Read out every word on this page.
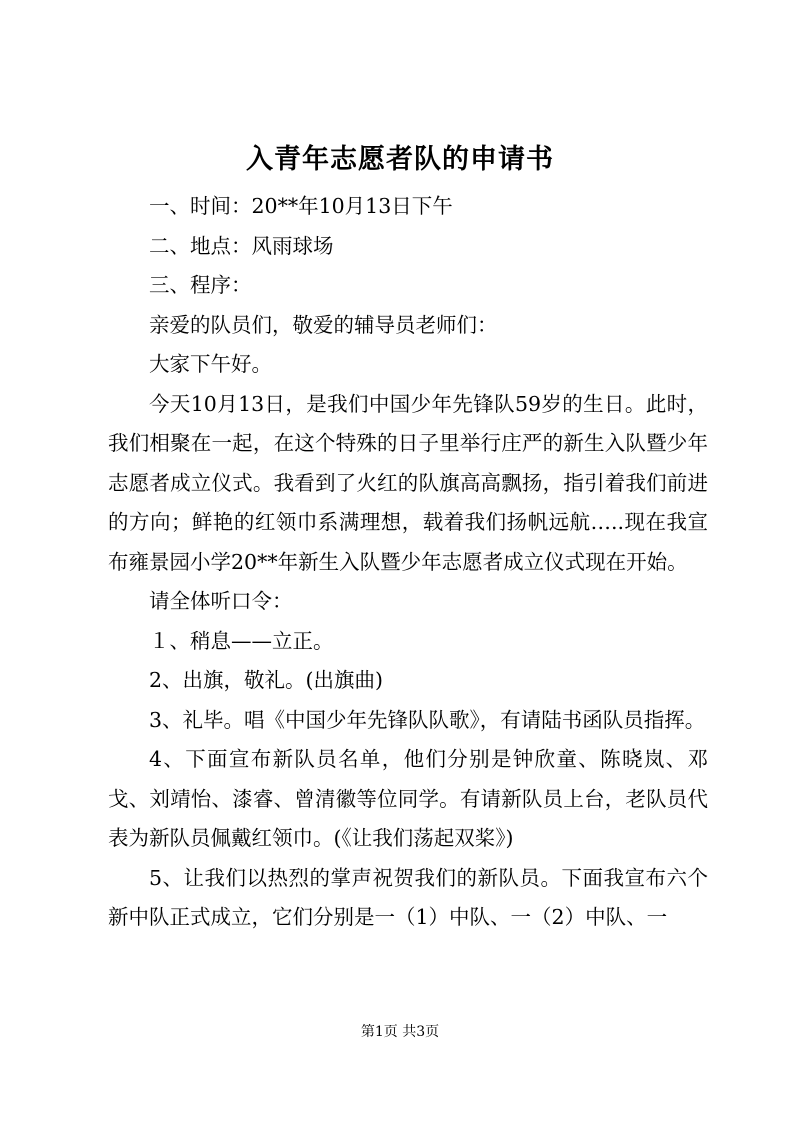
入青年志愿者队的申请书

一、时间：20**年10月13日下午

二、地点：风雨球场

三、程序：

亲爱的队员们，敬爱的辅导员老师们：

大家下午好。

今天10月13日，是我们中国少年先锋队59岁的生日。此时，我们相聚在一起，在这个特殊的日子里举行庄严的新生入队暨少年志愿者成立仪式。我看到了火红的队旗高高飘扬，指引着我们前进的方向；鲜艳的红领巾系满理想，载着我们扬帆远航…..现在我宣布雍景园小学20**年新生入队暨少年志愿者成立仪式现在开始。

请全体听口令：

１、稍息——立正。

2、出旗，敬礼。(出旗曲)

3、礼毕。唱《中国少年先锋队队歌》，有请陆书函队员指挥。

4、下面宣布新队员名单，他们分别是钟欣童、陈晓岚、邓戈、刘靖怡、漆睿、曾清徽等位同学。有请新队员上台，老队员代表为新队员佩戴红领巾。(《让我们荡起双桨》)

5、让我们以热烈的掌声祝贺我们的新队员。下面我宣布六个新中队正式成立，它们分别是一（1）中队、一（2）中队、一

第1页 共3页
